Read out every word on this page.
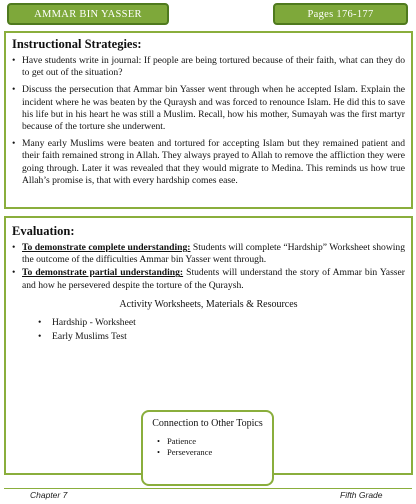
AMMAR BIN YASSER	Pages 176-177
Instructional Strategies:
• Have students write in journal: If people are being tortured because of their faith, what can they do to get out of the situation?
• Discuss the persecution that Ammar bin Yasser went through when he accepted Islam. Explain the incident where he was beaten by the Quraysh and was forced to renounce Islam. He did this to save his life but in his heart he was still a Muslim. Recall, how his mother, Sumayah was the first martyr because of the torture she underwent.
• Many early Muslims were beaten and tortured for accepting Islam but they remained patient and their faith remained strong in Allah. They always prayed to Allah to remove the affliction they were going through. Later it was revealed that they would migrate to Medina. This reminds us how true Allah’s promise is, that with every hardship comes ease.
Evaluation:
• To demonstrate complete understanding: Students will complete “Hardship” Worksheet showing the outcome of the difficulties Ammar bin Yasser went through.
• To demonstrate partial understanding: Students will understand the story of Ammar bin Yasser and how he persevered despite the torture of the Quraysh.
Activity Worksheets, Materials & Resources
• Hardship - Worksheet
• Early Muslims Test
Connection to Other Topics
• Patience
• Perseverance
Chapter 7	Fifth Grade
